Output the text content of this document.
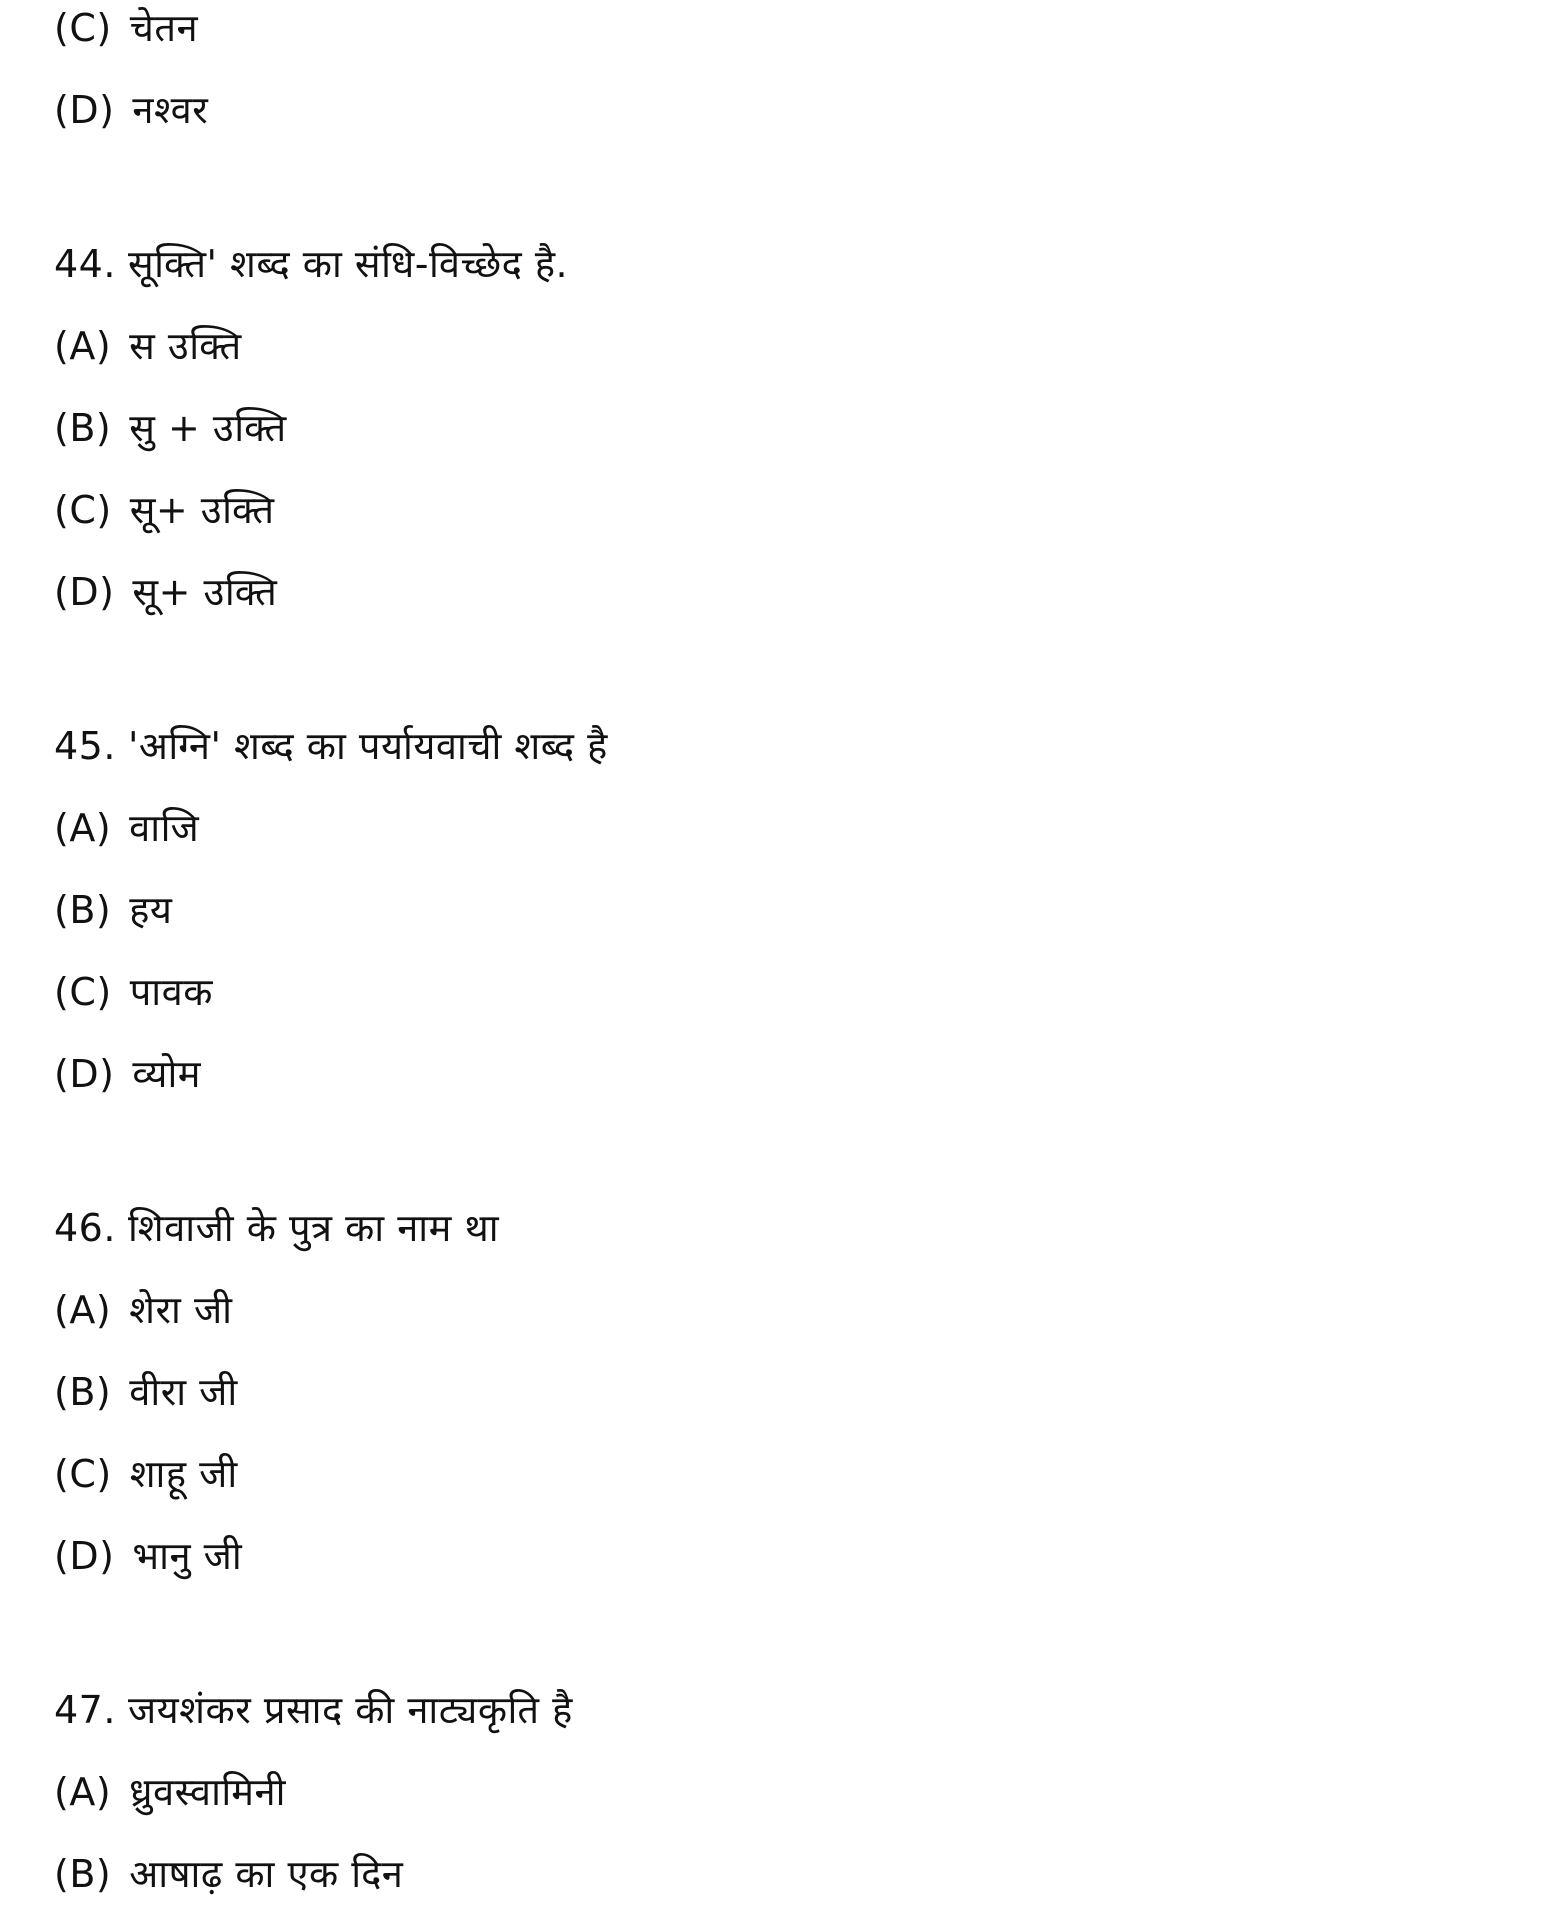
(C) चेतन
(D) नश्वर
44. सूक्ति' शब्द का संधि-विच्छेद है.
(A) स उक्ति
(B) सु + उक्ति
(C) सू+ उक्ति
(D) सू+ उक्ति
45. 'अग्नि' शब्द का पर्यायवाची शब्द है
(A) वाजि
(B) हय
(C) पावक
(D) व्योम
46. शिवाजी के पुत्र का नाम था
(A) शेरा जी
(B) वीरा जी
(C) शाहू जी
(D) भानु जी
47. जयशंकर प्रसाद की नाट्यकृति है
(A) ध्रुवस्वामिनी
(B) आषाढ़ का एक दिन
